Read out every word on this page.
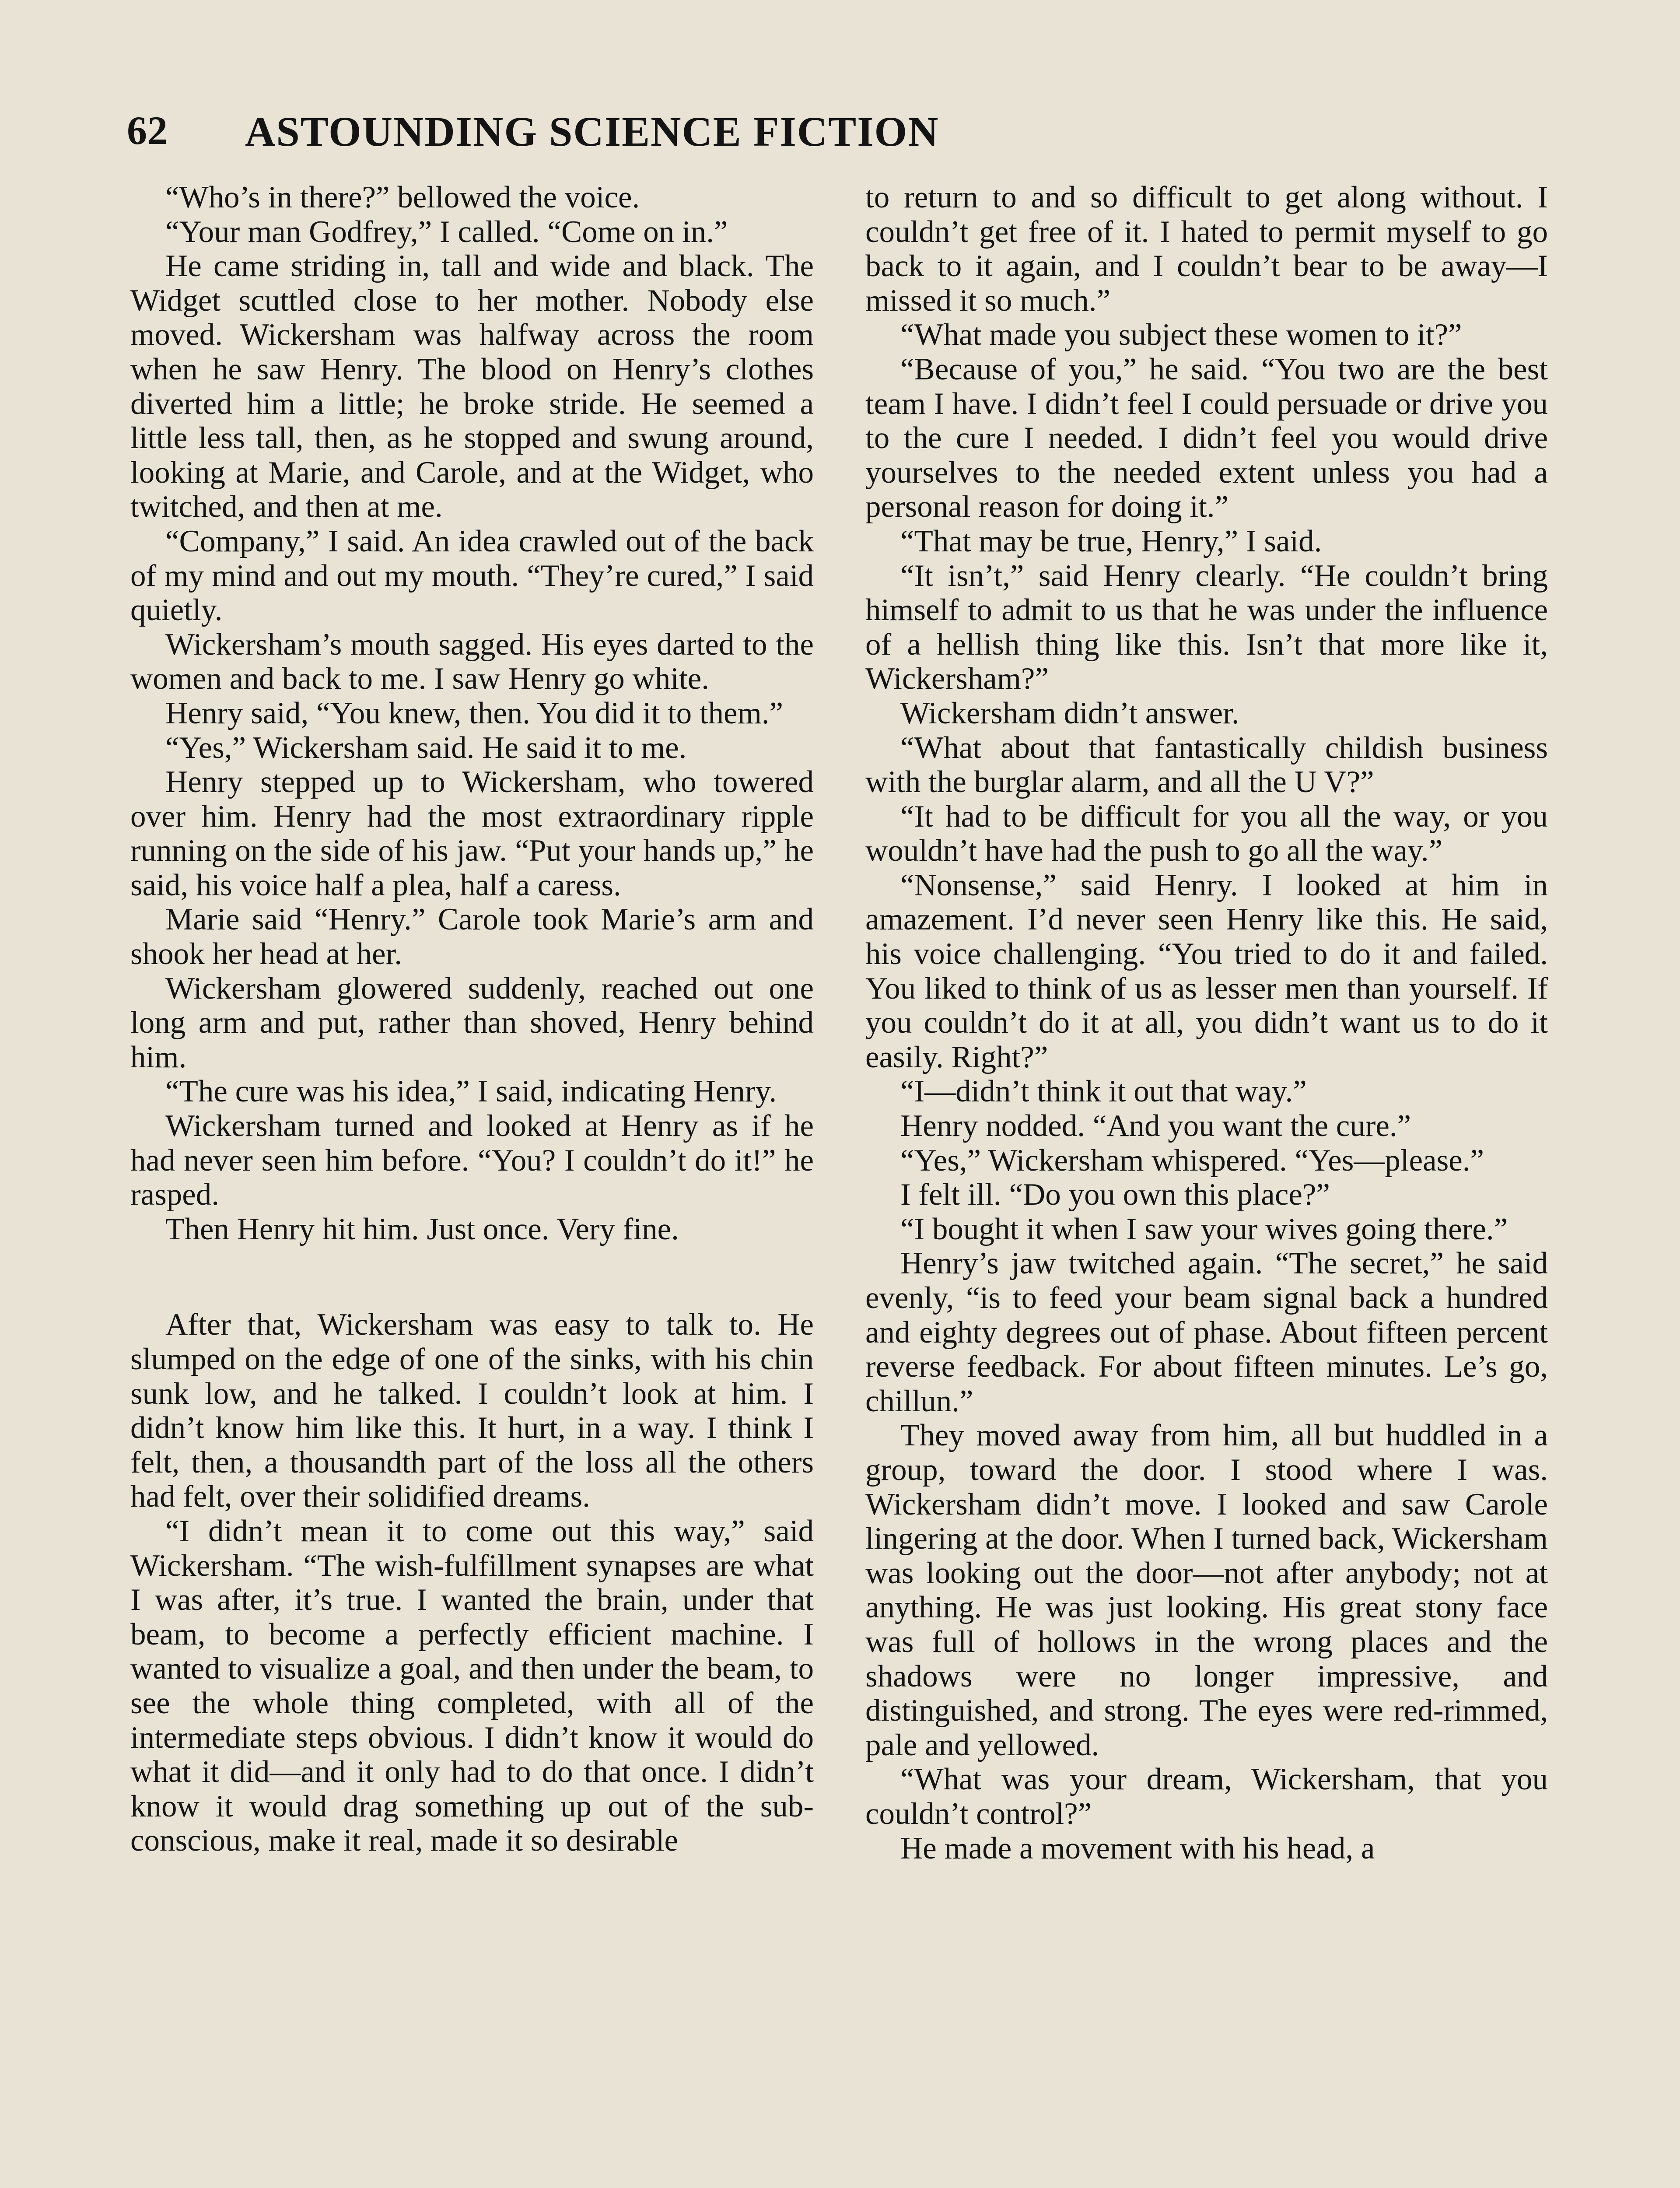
62 ASTOUNDING SCIENCE FICTION

“Who’s in there?” bellowed the voice.

“Your man Godfrey,” I called. “Come on in.”

He came striding in, tall and wide and black. The Widget scuttled close to her mother. Nobody else moved. Wickersham was halfway across the room when he saw Henry. The blood on Henry’s clothes diverted him a little; he broke stride. He seemed a little less tall, then, as he stopped and swung around, looking at Marie, and Carole, and at the Widget, who twitched, and then at me.

“Company,” I said. An idea crawled out of the back of my mind and out my mouth. “They’re cured,” I said quietly.

Wickersham’s mouth sagged. His eyes darted to the women and back to me. I saw Henry go white.

Henry said, “You knew, then. You did it to them.”

“Yes,” Wickersham said. He said it to me.

Henry stepped up to Wickersham, who towered over him. Henry had the most extraordinary ripple running on the side of his jaw. “Put your hands up,” he said, his voice half a plea, half a caress.

Marie said “Henry.” Carole took Marie’s arm and shook her head at her.

Wickersham glowered suddenly, reached out one long arm and put, rather than shoved, Henry behind him.

“The cure was his idea,” I said, indicating Henry.

Wickersham turned and looked at Henry as if he had never seen him before. “You? I couldn’t do it!” he rasped.

Then Henry hit him. Just once. Very fine.

After that, Wickersham was easy to talk to. He slumped on the edge of one of the sinks, with his chin sunk low, and he talked. I couldn’t look at him. I didn’t know him like this. It hurt, in a way. I think I felt, then, a thousandth part of the loss all the others had felt, over their solidified dreams.

“I didn’t mean it to come out this way,” said Wickersham. “The wish-fulfillment synapses are what I was after, it’s true. I wanted the brain, under that beam, to become a perfectly efficient machine. I wanted to visualize a goal, and then under the beam, to see the whole thing completed, with all of the intermediate steps obvious. I didn’t know it would do what it did—and it only had to do that once. I didn’t know it would drag something up out of the sub-conscious, make it real, made it so desirable

to return to and so difficult to get along without. I couldn’t get free of it. I hated to permit myself to go back to it again, and I couldn’t bear to be away—I missed it so much.”

“What made you subject these women to it?”

“Because of you,” he said. “You two are the best team I have. I didn’t feel I could persuade or drive you to the cure I needed. I didn’t feel you would drive yourselves to the needed extent unless you had a personal reason for doing it.”

“That may be true, Henry,” I said.

“It isn’t,” said Henry clearly. “He couldn’t bring himself to admit to us that he was under the influence of a hellish thing like this. Isn’t that more like it, Wickersham?”

Wickersham didn’t answer.

“What about that fantastically childish business with the burglar alarm, and all the U V?”

“It had to be difficult for you all the way, or you wouldn’t have had the push to go all the way.”

“Nonsense,” said Henry. I looked at him in amazement. I’d never seen Henry like this. He said, his voice challenging. “You tried to do it and failed. You liked to think of us as lesser men than yourself. If you couldn’t do it at all, you didn’t want us to do it easily. Right?”

“I—didn’t think it out that way.”

Henry nodded. “And you want the cure.”

“Yes,” Wickersham whispered. “Yes—please.”

I felt ill. “Do you own this place?”

“I bought it when I saw your wives going there.”

Henry’s jaw twitched again. “The secret,” he said evenly, “is to feed your beam signal back a hundred and eighty degrees out of phase. About fifteen percent reverse feedback. For about fifteen minutes. Le’s go, chillun.”

They moved away from him, all but huddled in a group, toward the door. I stood where I was. Wickersham didn’t move. I looked and saw Carole lingering at the door. When I turned back, Wickersham was looking out the door—not after anybody; not at anything. He was just looking. His great stony face was full of hollows in the wrong places and the shadows were no longer impressive, and distinguished, and strong. The eyes were red-rimmed, pale and yellowed.

“What was your dream, Wickersham, that you couldn’t control?”

He made a movement with his head, a
